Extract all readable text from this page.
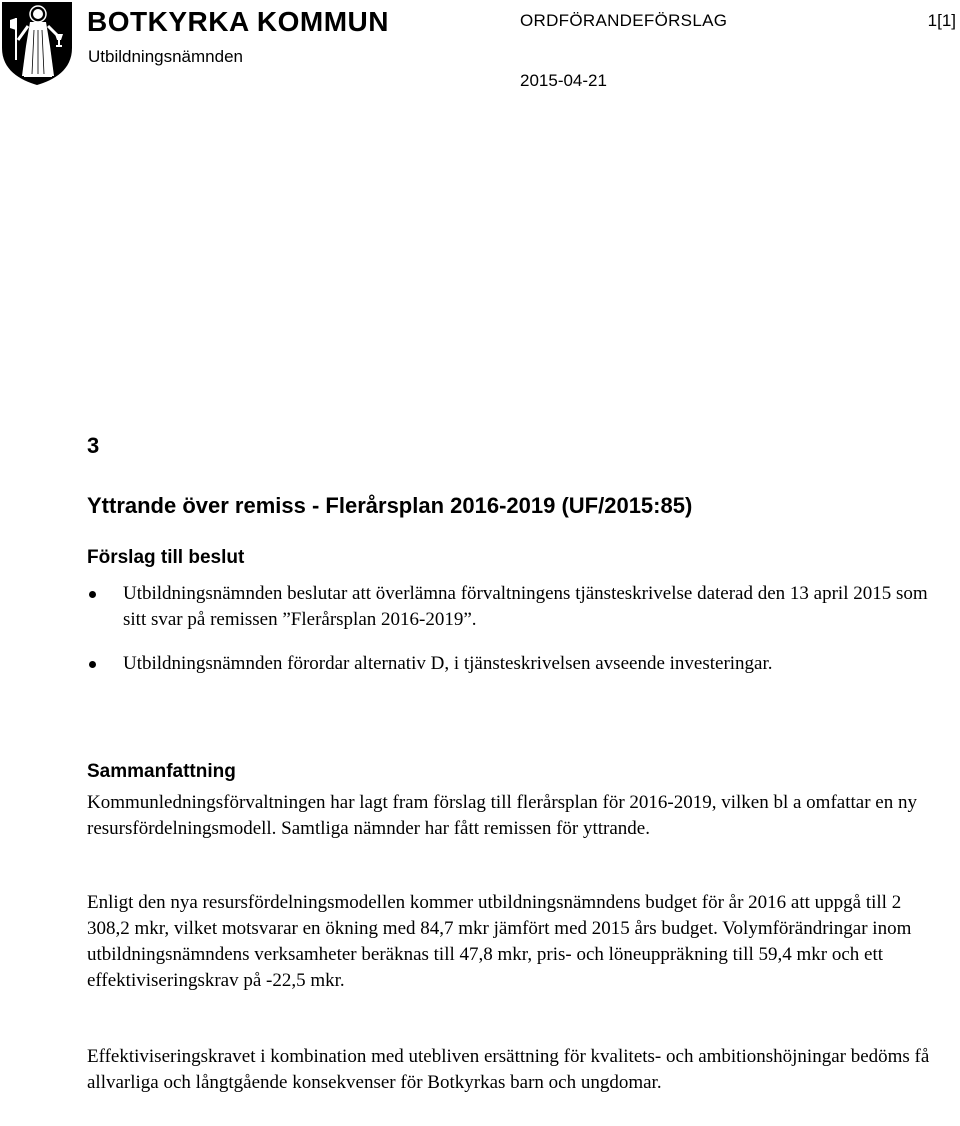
BOTKYRKA KOMMUN
Utbildningsnämnden
ORDFÖRANDEFÖRSLAG	1[1]
2015-04-21
3
Yttrande över remiss - Flerårsplan 2016-2019 (UF/2015:85)
Förslag till beslut
Utbildningsnämnden beslutar att överlämna förvaltningens tjänsteskrivelse daterad den 13 april 2015 som sitt svar på remissen ”Flerårsplan 2016-2019”.
Utbildningsnämnden förordar alternativ D, i tjänsteskrivelsen avseende investeringar.
Sammanfattning

Kommunledningsförvaltningen har lagt fram förslag till flerårsplan för 2016-2019, vilken bl a omfattar en ny resursfördelningsmodell. Samtliga nämnder har fått remissen för yttrande.

Enligt den nya resursfördelningsmodellen kommer utbildningsnämndens budget för år 2016 att uppgå till 2 308,2 mkr, vilket motsvarar en ökning med 84,7 mkr jämfört med 2015 års budget. Volymförändringar inom utbildningsnämndens verksamheter beräknas till 47,8 mkr, pris- och löneuppräkning till 59,4 mkr och ett effektiviseringskrav på -22,5 mkr.

Effektiviseringskravet i kombination med utebliven ersättning för kvalitets- och ambitionshöjningar bedöms få allvarliga och långtgående konsekvenser för Botkyrkas barn och ungdomar.
